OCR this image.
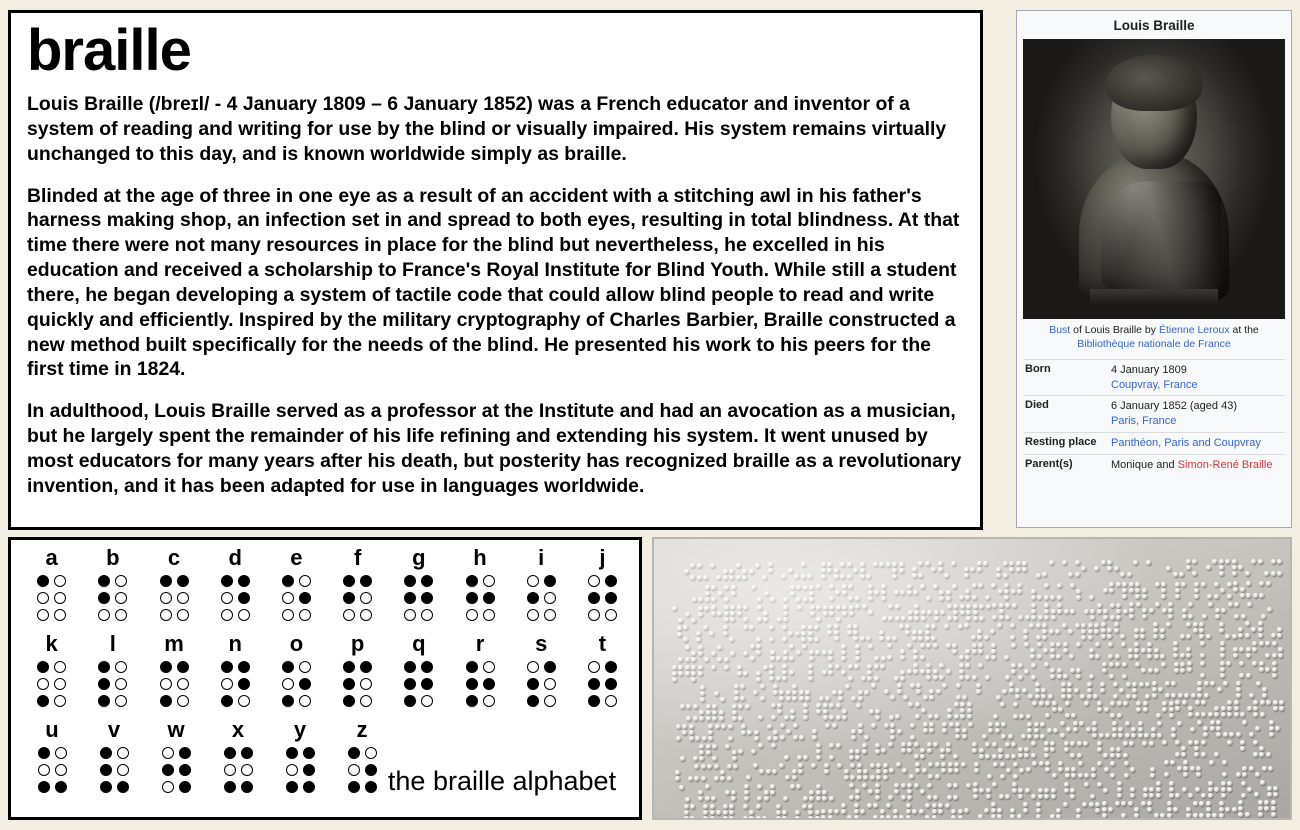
braille

Louis Braille (/breɪl/ - 4 January 1809 – 6 January 1852) was a French educator and inventor of a system of reading and writing for use by the blind or visually impaired. His system remains virtually unchanged to this day, and is known worldwide simply as braille.

Blinded at the age of three in one eye as a result of an accident with a stitching awl in his father's harness making shop, an infection set in and spread to both eyes, resulting in total blindness. At that time there were not many resources in place for the blind but nevertheless, he excelled in his education and received a scholarship to France's Royal Institute for Blind Youth. While still a student there, he began developing a system of tactile code that could allow blind people to read and write quickly and efficiently. Inspired by the military cryptography of Charles Barbier, Braille constructed a new method built specifically for the needs of the blind. He presented his work to his peers for the first time in 1824.

In adulthood, Louis Braille served as a professor at the Institute and had an avocation as a musician, but he largely spent the remainder of his life refining and extending his system. It went unused by most educators for many years after his death, but posterity has recognized braille as a revolutionary invention, and it has been adapted for use in languages worldwide.

Louis Braille
Bust of Louis Braille by Étienne Leroux at the Bibliothèque nationale de France
Born	4 January 1809
Coupvray, France

Died	6 January 1852 (aged 43)
Paris, France

Resting place	Panthéon, Paris and Coupvray
Parent(s)	Monique and Simon-René Braille
a b c d e f g h i	j
k l m n o p q r s t
u v w x y z
the braille alphabet
